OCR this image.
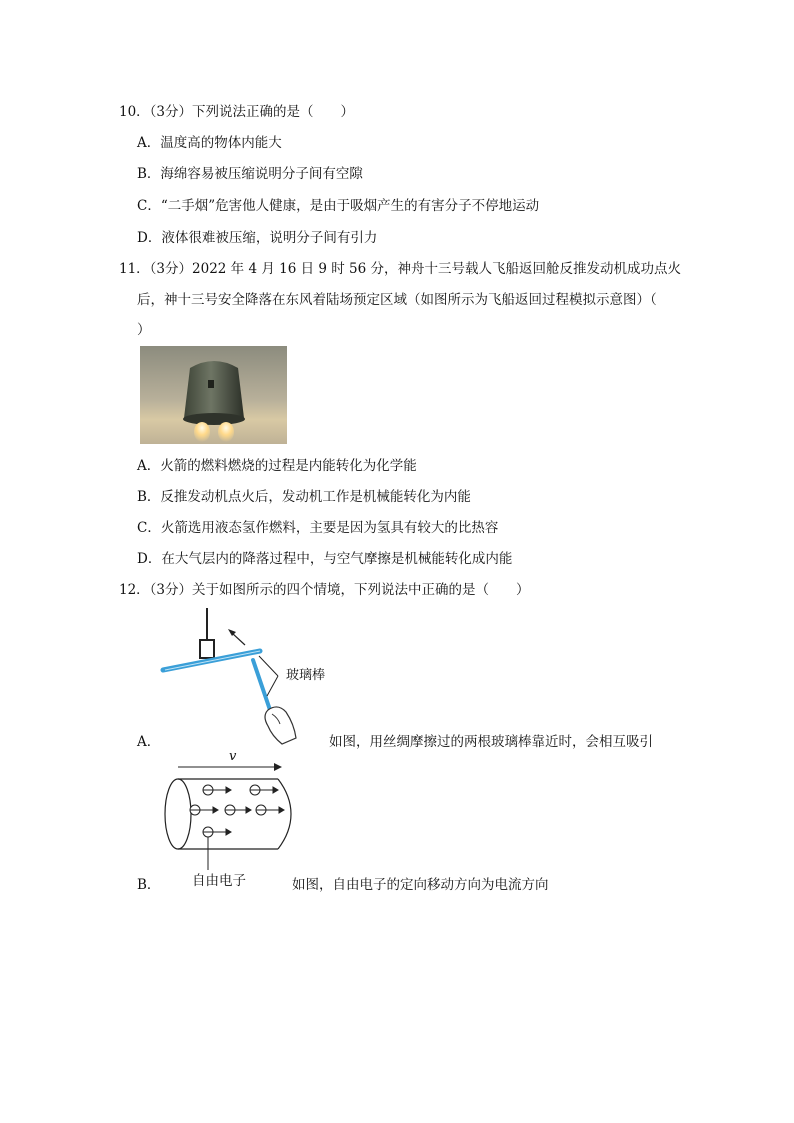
10．（3分）下列说法正确的是（　　）
A．温度高的物体内能大
B．海绵容易被压缩说明分子间有空隙
C．“二手烟”危害他人健康，是由于吸烟产生的有害分子不停地运动
D．液体很难被压缩，说明分子间有引力
11．（3分）2022 年 4 月 16 日 9 时 56 分，神舟十三号载人飞船返回舱反推发动机成功点火
后，神十三号安全降落在东风着陆场预定区域（如图所示为飞船返回过程模拟示意图）（
）
A．火箭的燃料燃烧的过程是内能转化为化学能
B．反推发动机点火后，发动机工作是机械能转化为内能
C．火箭选用液态氢作燃料，主要是因为氢具有较大的比热容
D．在大气层内的降落过程中，与空气摩擦是机械能转化成内能
12．（3分）关于如图所示的四个情境，下列说法中正确的是（　　）
玻璃棒
A．	如图，用丝绸摩擦过的两根玻璃棒靠近时，会相互吸引
v
自由电子
B．	如图，自由电子的定向移动方向为电流方向
